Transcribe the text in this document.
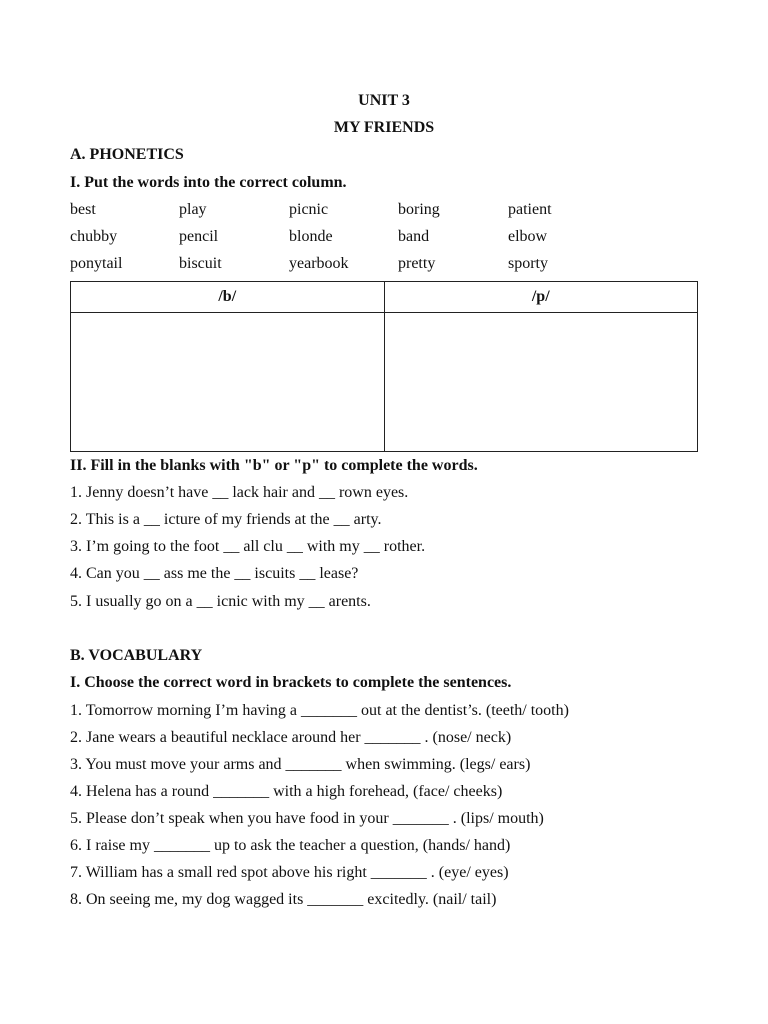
UNIT 3
MY FRIENDS
A. PHONETICS
I. Put the words into the correct column.
best	play	picnic	boring	patient
chubby	pencil	blonde	band	elbow
ponytail	biscuit	yearbook	pretty	sporty
/b/	/p/

II. Fill in the blanks with "b" or "p" to complete the words.
1. Jenny doesn’t have __ lack hair and __ rown eyes.
2. This is a __ icture of my friends at the __ arty.
3. I’m going to the foot __ all clu __ with my __ rother.
4. Can you __ ass me the __ iscuits __ lease?
5. I usually go on a __ icnic with my __ arents.
B. VOCABULARY
I. Choose the correct word in brackets to complete the sentences.
1. Tomorrow morning I’m having a _______ out at the dentist’s. (teeth/ tooth)
2. Jane wears a beautiful necklace around her _______ . (nose/ neck)
3. You must move your arms and _______ when swimming. (legs/ ears)
4. Helena has a round _______ with a high forehead, (face/ cheeks)
5. Please don’t speak when you have food in your _______ . (lips/ mouth)
6. I raise my _______ up to ask the teacher a question, (hands/ hand)
7. William has a small red spot above his right _______ . (eye/ eyes)
8. On seeing me, my dog wagged its _______ excitedly. (nail/ tail)
